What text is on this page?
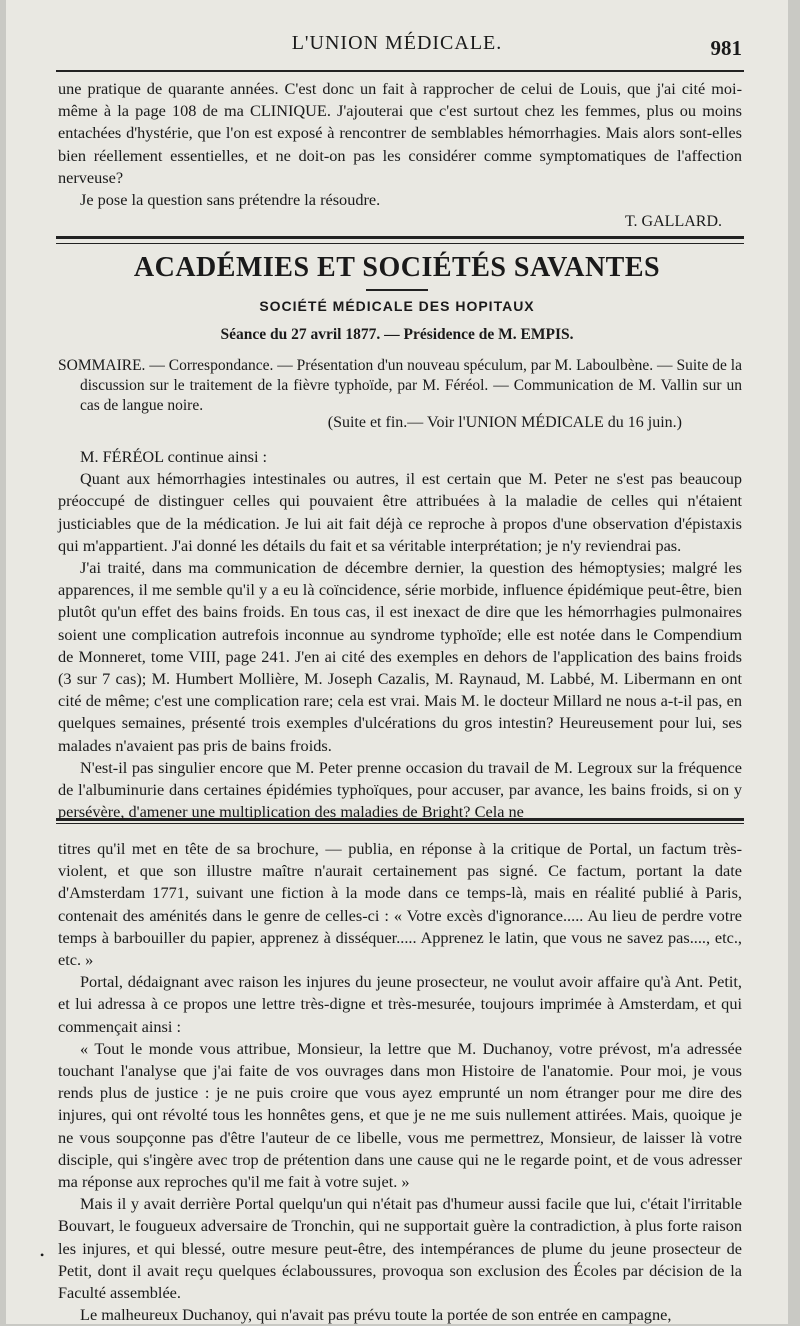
L'UNION MÉDICALE.	981

une pratique de quarante années. C'est donc un fait à rapprocher de celui de Louis, que j'ai cité moi-même à la page 108 de ma CLINIQUE. J'ajouterai que c'est surtout chez les femmes, plus ou moins entachées d'hystérie, que l'on est exposé à rencontrer de semblables hémorrhagies. Mais alors sont-elles bien réellement essentielles, et ne doit-on pas les considérer comme symptomatiques de l'affection nerveuse?

Je pose la question sans prétendre la résoudre.

T. GALLARD.
ACADÉMIES ET SOCIÉTÉS SAVANTES
SOCIÉTÉ MÉDICALE DES HOPITAUX
Séance du 27 avril 1877. — Présidence de M. EMPIS.

SOMMAIRE. — Correspondance. — Présentation d'un nouveau spéculum, par M. Laboulbène. — Suite de la discussion sur le traitement de la fièvre typhoïde, par M. Féréol. — Communication de M. Vallin sur un cas de langue noire.

(Suite et fin.— Voir l'UNION MÉDICALE du 16 juin.)

M. FÉRÉOL continue ainsi :

Quant aux hémorrhagies intestinales ou autres, il est certain que M. Peter ne s'est pas beaucoup préoccupé de distinguer celles qui pouvaient être attribuées à la maladie de celles qui n'étaient justiciables que de la médication. Je lui ait fait déjà ce reproche à propos d'une observation d'épistaxis qui m'appartient. J'ai donné les détails du fait et sa véritable interprétation; je n'y reviendrai pas.

J'ai traité, dans ma communication de décembre dernier, la question des hémoptysies; malgré les apparences, il me semble qu'il y a eu là coïncidence, série morbide, influence épidémique peut-être, bien plutôt qu'un effet des bains froids. En tous cas, il est inexact de dire que les hémorrhagies pulmonaires soient une complication autrefois inconnue au syndrome typhoïde; elle est notée dans le Compendium de Monneret, tome VIII, page 241. J'en ai cité des exemples en dehors de l'application des bains froids (3 sur 7 cas); M. Humbert Mollière, M. Joseph Cazalis, M. Raynaud, M. Labbé, M. Libermann en ont cité de même; c'est une complication rare; cela est vrai. Mais M. le docteur Millard ne nous a-t-il pas, en quelques semaines, présenté trois exemples d'ulcérations du gros intestin? Heureusement pour lui, ses malades n'avaient pas pris de bains froids.

N'est-il pas singulier encore que M. Peter prenne occasion du travail de M. Legroux sur la fréquence de l'albuminurie dans certaines épidémies typhoïques, pour accuser, par avance, les bains froids, si on y persévère, d'amener une multiplication des maladies de Bright? Cela ne

titres qu'il met en tête de sa brochure, — publia, en réponse à la critique de Portal, un factum très-violent, et que son illustre maître n'aurait certainement pas signé. Ce factum, portant la date d'Amsterdam 1771, suivant une fiction à la mode dans ce temps-là, mais en réalité publié à Paris, contenait des aménités dans le genre de celles-ci : « Votre excès d'ignorance..... Au lieu de perdre votre temps à barbouiller du papier, apprenez à disséquer..... Apprenez le latin, que vous ne savez pas...., etc., etc. »

Portal, dédaignant avec raison les injures du jeune prosecteur, ne voulut avoir affaire qu'à Ant. Petit, et lui adressa à ce propos une lettre très-digne et très-mesurée, toujours imprimée à Amsterdam, et qui commençait ainsi :

« Tout le monde vous attribue, Monsieur, la lettre que M. Duchanoy, votre prévost, m'a adressée touchant l'analyse que j'ai faite de vos ouvrages dans mon Histoire de l'anatomie. Pour moi, je vous rends plus de justice : je ne puis croire que vous ayez emprunté un nom étranger pour me dire des injures, qui ont révolté tous les honnêtes gens, et que je ne me suis nullement attirées. Mais, quoique je ne vous soupçonne pas d'être l'auteur de ce libelle, vous me permettrez, Monsieur, de laisser là votre disciple, qui s'ingère avec trop de prétention dans une cause qui ne le regarde point, et de vous adresser ma réponse aux reproches qu'il me fait à votre sujet. »

Mais il y avait derrière Portal quelqu'un qui n'était pas d'humeur aussi facile que lui, c'était l'irritable Bouvart, le fougueux adversaire de Tronchin, qui ne supportait guère la contradiction, à plus forte raison les injures, et qui blessé, outre mesure peut-être, des intempérances de plume du jeune prosecteur de Petit, dont il avait reçu quelques éclaboussures, provoqua son exclusion des Écoles par décision de la Faculté assemblée.

Le malheureux Duchanoy, qui n'avait pas prévu toute la portée de son entrée en campagne,

•
